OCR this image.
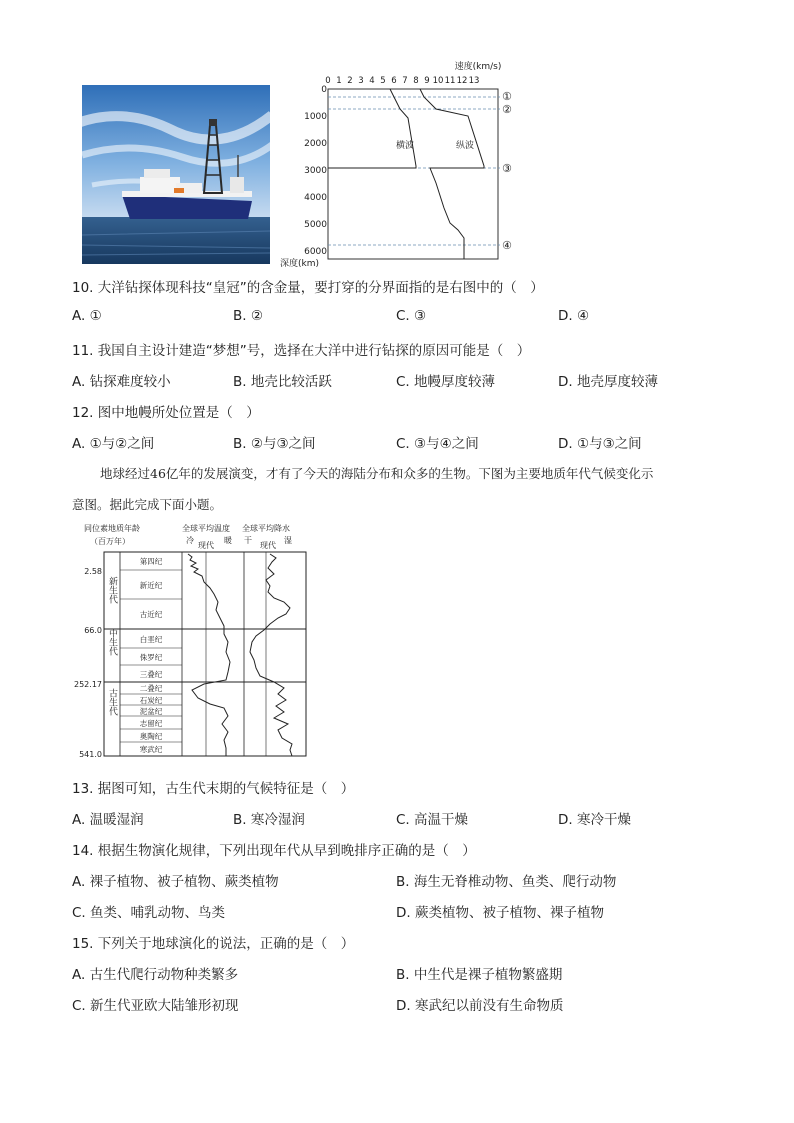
速度(km/s)
0 1 2 3 4 5 6 7 8 9 10 11 12 13
0
1000
2000
3000
4000
5000
6000
深度(km)
①
②
③
④
横波	纵波
10. 大洋钻探体现科技“皇冠”的含金量，要打穿的分界面指的是右图中的（　）
A. ①	B. ②	C. ③	D. ④
11. 我国自主设计建造“梦想”号，选择在大洋中进行钻探的原因可能是（　）
A. 钻探难度较小	B. 地壳比较活跃	C. 地幔厚度较薄	D. 地壳厚度较薄
12. 图中地幔所处位置是（　）
A. ①与②之间	B. ②与③之间	C. ③与④之间	D. ①与③之间
地球经过46亿年的发展演变，才有了今天的海陆分布和众多的生物。下图为主要地质年代气候变化示
意图。据此完成下面小题。
同位素地质年龄
（百万年）
全球平均温度 全球平均降水
冷
现代
暖 干
现代
湿
2.58
66.0
252.17
541.0
新生代
中生代
古生代
第四纪
新近纪
古近纪
白垩纪
侏罗纪
三叠纪
二叠纪
石炭纪
泥盆纪
志留纪
奥陶纪
寒武纪
13. 据图可知，古生代末期的气候特征是（　）
A. 温暖湿润	B. 寒冷湿润	C. 高温干燥	D. 寒冷干燥
14. 根据生物演化规律，下列出现年代从早到晚排序正确的是（　）
A. 裸子植物、被子植物、蕨类植物	B. 海生无脊椎动物、鱼类、爬行动物
C. 鱼类、哺乳动物、鸟类	D. 蕨类植物、被子植物、裸子植物
15. 下列关于地球演化的说法，正确的是（　）
A. 古生代爬行动物种类繁多	B. 中生代是裸子植物繁盛期
C. 新生代亚欧大陆雏形初现	D. 寒武纪以前没有生命物质
